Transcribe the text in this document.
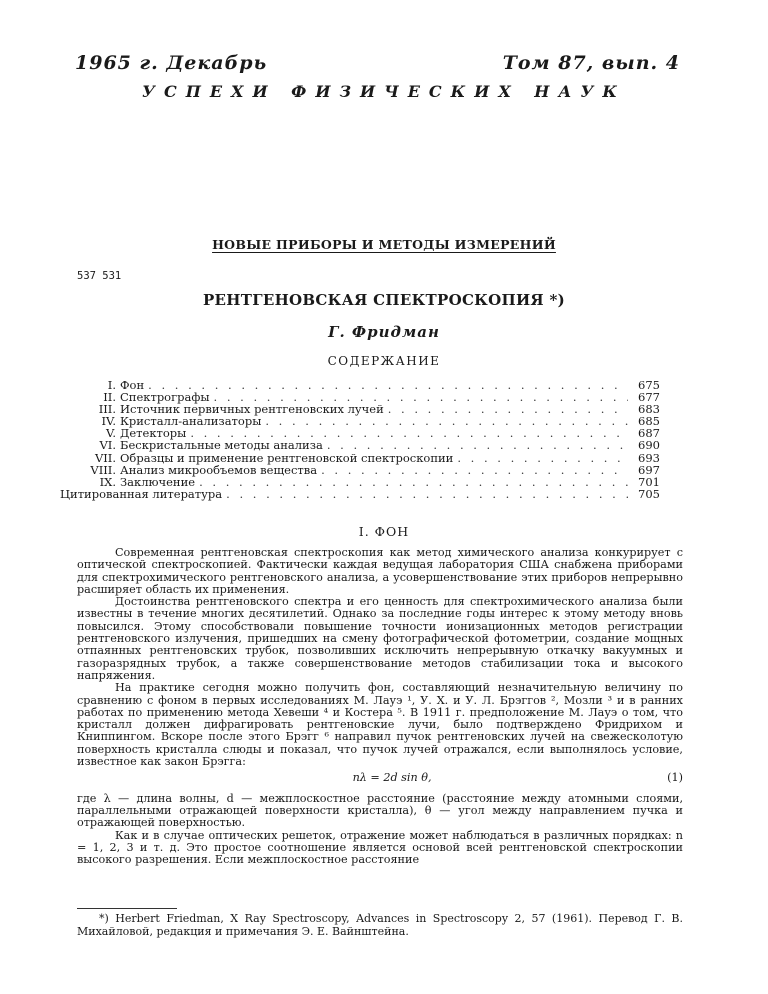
1965 г. Декабрь	Том 87, вып. 4
УСПЕХИ ФИЗИЧЕСКИХ НАУК
НОВЫЕ ПРИБОРЫ И МЕТОДЫ ИЗМЕРЕНИЙ
537 531
РЕНТГЕНОВСКАЯ СПЕКТРОСКОПИЯ *)
Г. Фридман
СОДЕРЖАНИЕ
I. Фон . . .	675
II. Спектрографы . . .	677
III. Источник первичных рентгеновских лучей . . .	683
IV. Кристалл-анализаторы . . .	685
V. Детекторы . . .	687
VI. Бескристальные методы анализа . . .	690
VII. Образцы и применение рентгеновской спектроскопии . . .	693
VIII. Анализ микрообъемов вещества . . .	697
IX. Заключение . . .	701
Цитированная литература . . .	705
I. ФОН

Современная рентгеновская спектроскопия как метод химического анализа конкурирует с оптической спектроскопией. Фактически каждая ведущая лаборатория США снабжена приборами для спектрохимического рентгеновского анализа, а усовершенствование этих приборов непрерывно расширяет область их применения.

Достоинства рентгеновского спектра и его ценность для спектрохимического анализа были известны в течение многих десятилетий. Однако за последние годы интерес к этому методу вновь повысился. Этому способствовали повышение точности ионизационных методов регистрации рентгеновского излучения, пришедших на смену фотографической фотометрии, создание мощных отпаянных рентгеновских трубок, позволивших исключить непрерывную откачку вакуумных и газоразрядных трубок, а также совершенствование методов стабилизации тока и высокого напряжения.

На практике сегодня можно получить фон, составляющий незначительную величину по сравнению с фоном в первых исследованиях М. Лауэ ¹, У. Х. и У. Л. Брэггов ², Мозли ³ и в ранних работах по применению метода Хевеши ⁴ и Костера ⁵. В 1911 г. предположение М. Лауэ о том, что кристалл должен дифрагировать рентгеновские лучи, было подтверждено Фридрихом и Книппингом. Вскоре после этого Брэгг ⁶ направил пучок рентгеновских лучей на свежесколотую поверхность кристалла слюды и показал, что пучок лучей отражался, если выполнялось условие, известное как закон Брэгга:

nλ = 2d sin θ,	(1)

где λ — длина волны, d — межплоскостное расстояние (расстояние между атомными слоями, параллельными отражающей поверхности кристалла), θ — угол между направлением пучка и отражающей поверхностью.

Как и в случае оптических решеток, отражение может наблюдаться в различных порядках: n = 1, 2, 3 и т. д. Это простое соотношение является основой всей рентгеновской спектроскопии высокого разрешения. Если межплоскостное расстояние

*) Herbert Friedman, X Ray Spectroscopy, Advances in Spectroscopy 2, 57 (1961). Перевод Г. В. Михайловой, редакция и примечания Э. Е. Вайнштейна.
